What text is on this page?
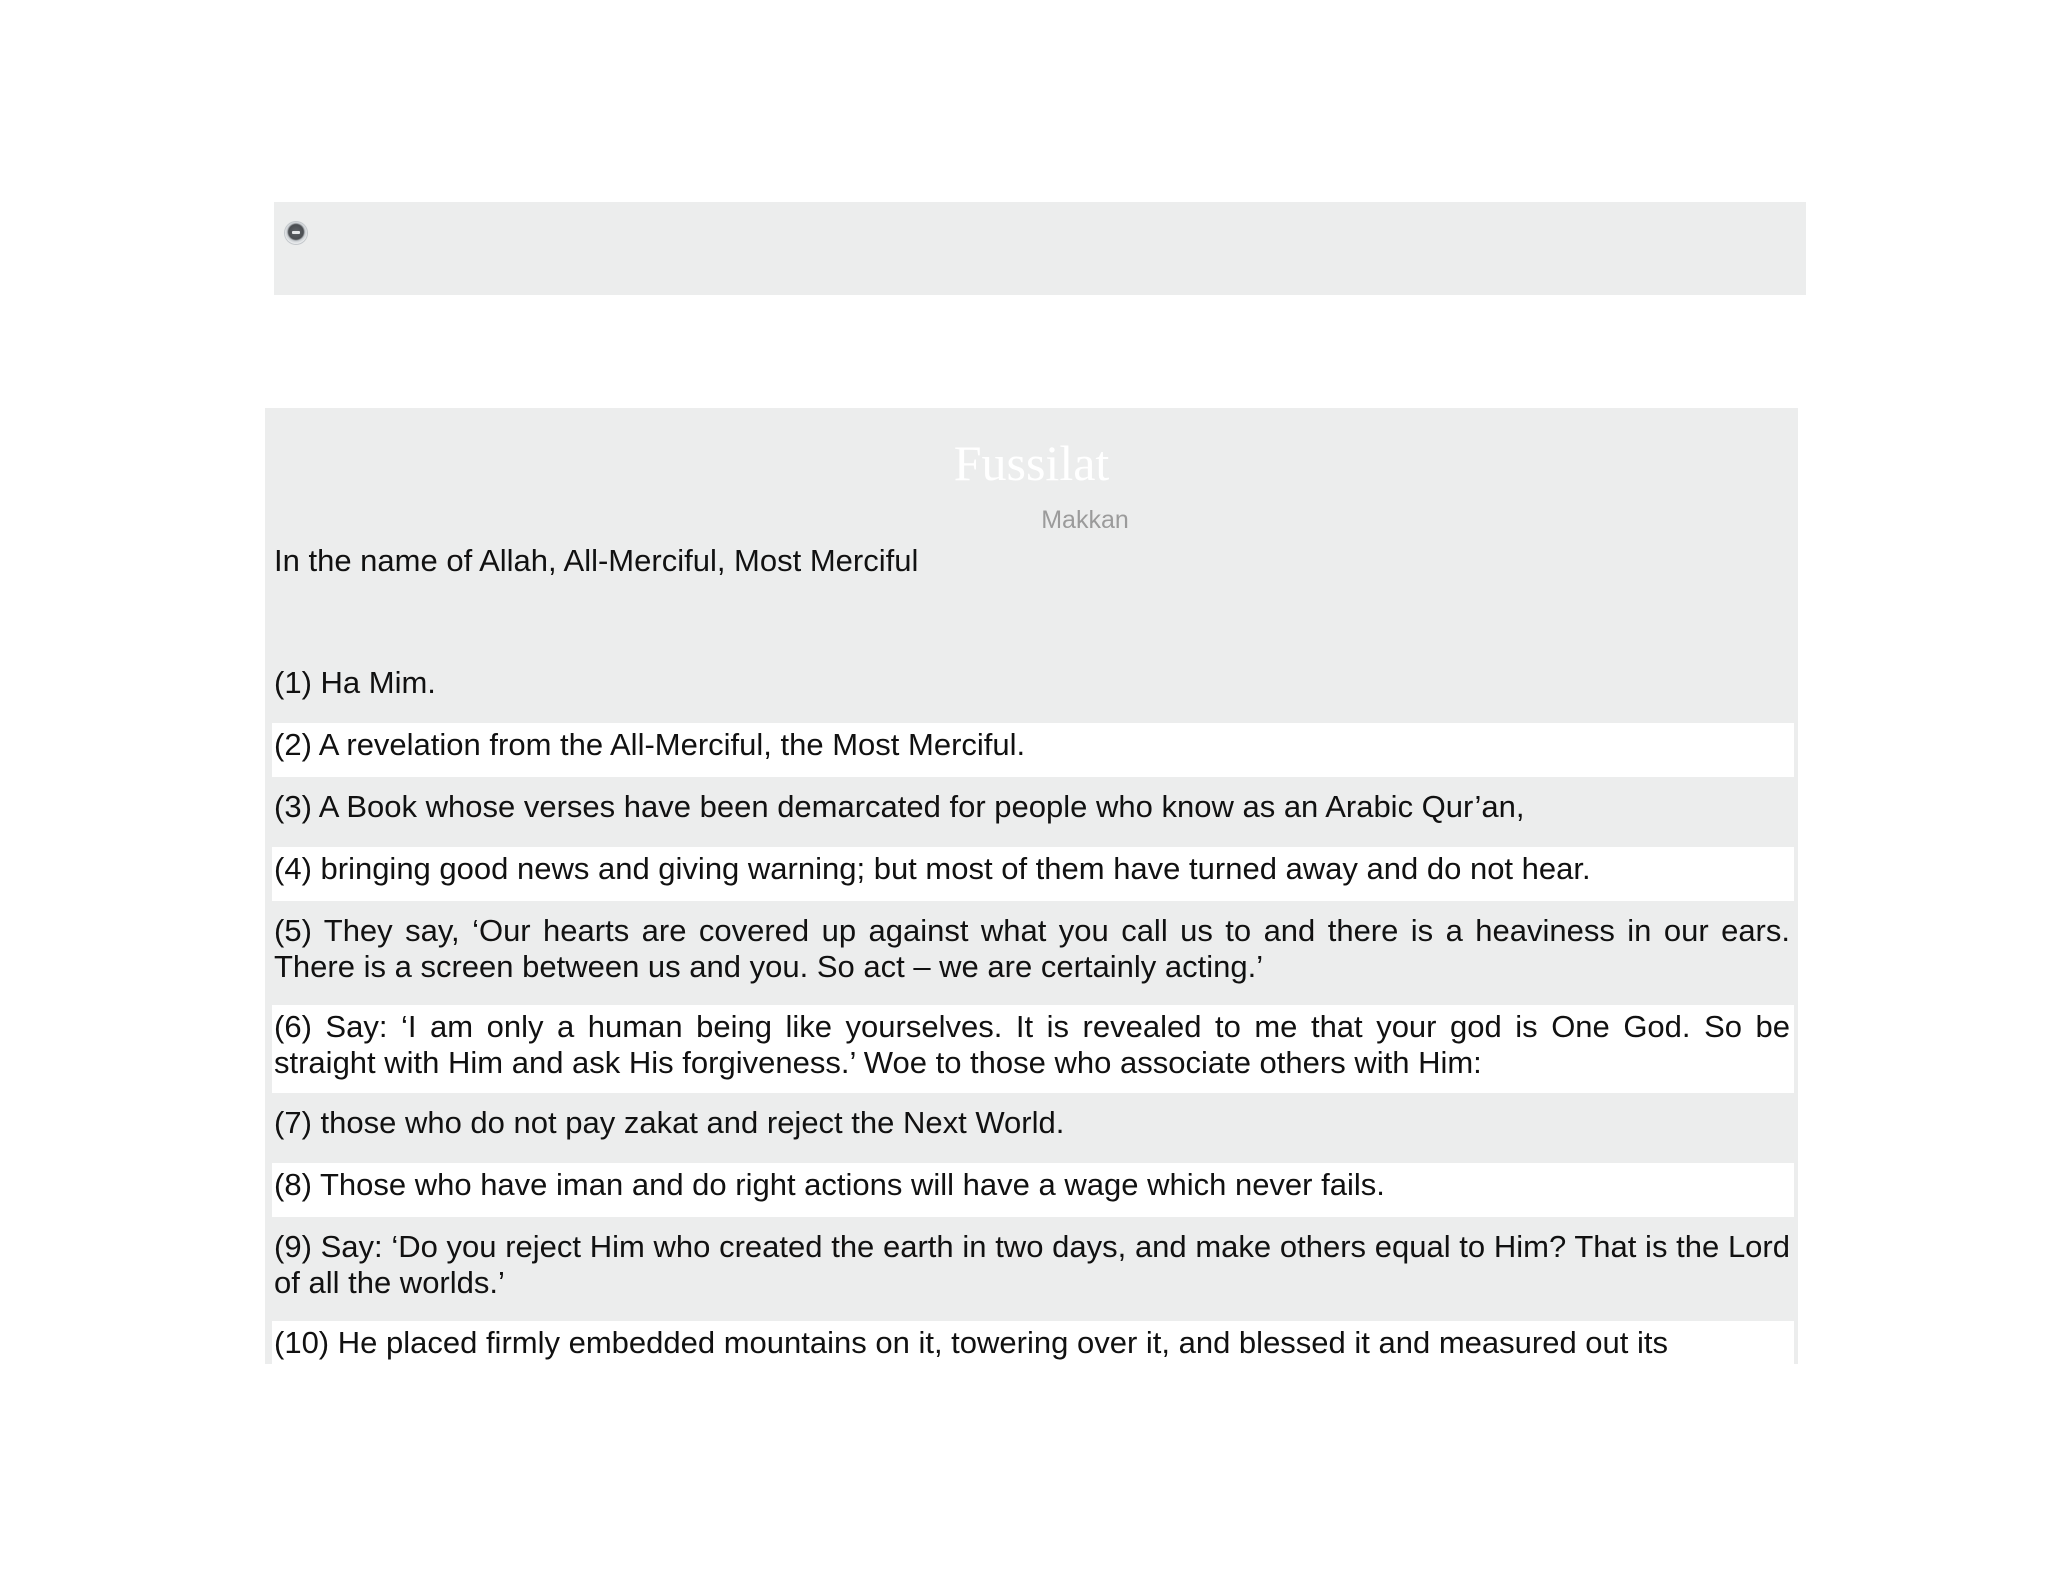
Fussilat
Makkan
In the name of Allah, All-Merciful, Most Merciful
(1) Ha Mim.
(2) A revelation from the All-Merciful, the Most Merciful.
(3) A Book whose verses have been demarcated for people who know as an Arabic Qur’an,
(4) bringing good news and giving warning; but most of them have turned away and do not hear.
(5) They say, ‘Our hearts are covered up against what you call us to and there is a heaviness in our ears. There is a screen between us and you. So act – we are certainly acting.’
(6) Say: ‘I am only a human being like yourselves. It is revealed to me that your god is One God. So be straight with Him and ask His forgiveness.’ Woe to those who associate others with Him:
(7) those who do not pay zakat and reject the Next World.
(8) Those who have iman and do right actions will have a wage which never fails.
(9) Say: ‘Do you reject Him who created the earth in two days, and make others equal to Him? That is the Lord of all the worlds.’
(10) He placed firmly embedded mountains on it, towering over it, and blessed it and measured out its
